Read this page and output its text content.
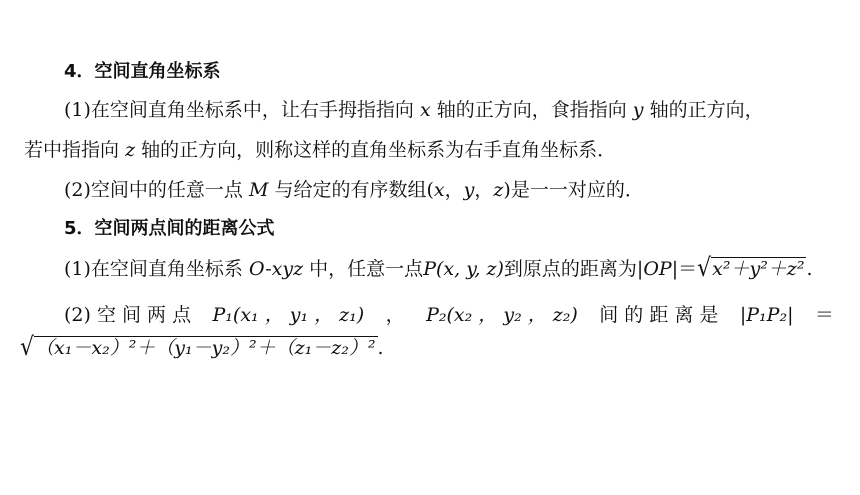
4．空间直角坐标系
(1)在空间直角坐标系中，让右手拇指指向 x 轴的正方向，食指指向 y 轴的正方向，
若中指指向 z 轴的正方向，则称这样的直角坐标系为右手直角坐标系．
(2)空间中的任意一点 M 与给定的有序数组(x，y，z)是一一对应的．
5．空间两点间的距离公式
(1)在空间直角坐标系 O-xyz 中，任意一点P(x, y, z)到原点的距离为|OP|＝√x²＋y²＋z² .
(2) 空 间 两 点 P₁(x₁ ， y₁ ， z₁) ， P₂(x₂ ， y₂ ， z₂) 间 的 距 离 是 |P₁P₂| ＝
√（x₁－x₂）²＋（y₁－y₂）²＋（z₁－z₂）² .
